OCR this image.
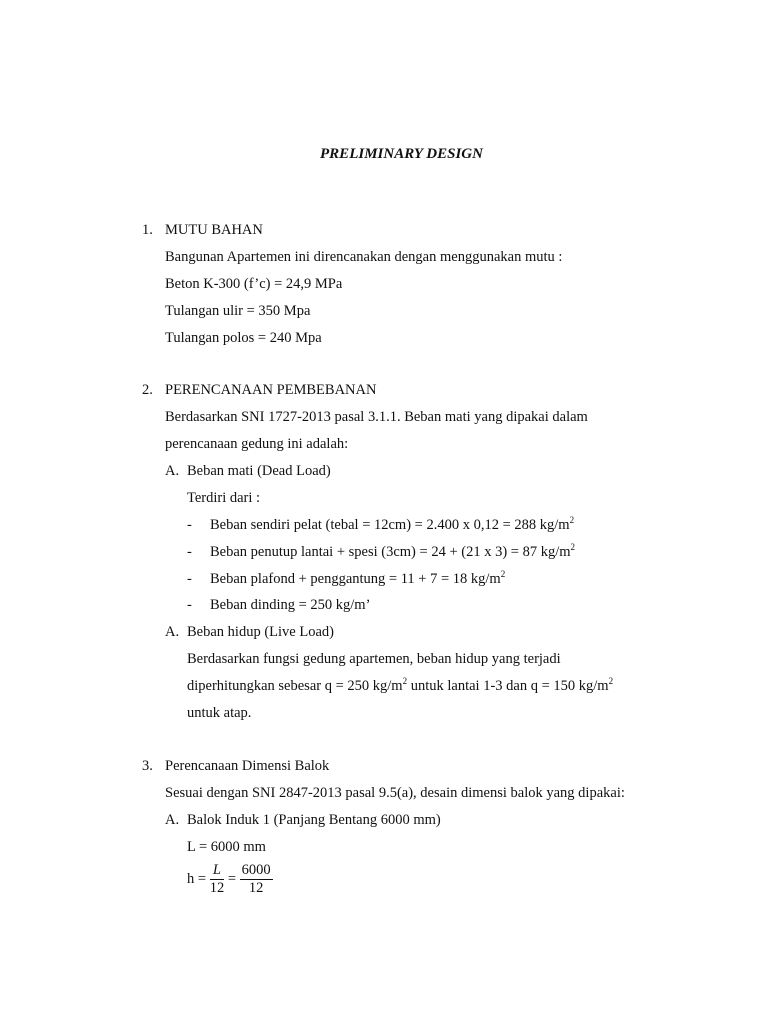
PRELIMINARY DESIGN
1. MUTU BAHAN
Bangunan Apartemen ini direncanakan dengan menggunakan mutu :
Beton K-300 (f’c) = 24,9 MPa
Tulangan ulir = 350 Mpa
Tulangan polos = 240 Mpa
2. PERENCANAAN PEMBEBANAN
Berdasarkan SNI 1727-2013 pasal 3.1.1. Beban mati yang dipakai dalam
perencanaan gedung ini adalah:
A. Beban mati (Dead Load)
Terdiri dari :
- Beban sendiri pelat (tebal = 12cm) = 2.400 x 0,12 = 288 $kg/m^2$
- Beban penutup lantai + spesi (3cm) = 24 + (21 x 3) = 87 $kg/m^2$
- Beban plafond + penggantung = 11 + 7 = 18 $kg/m^2$
- Beban dinding = 250 kg/m’
A. Beban hidup (Live Load)
Berdasarkan fungsi gedung apartemen, beban hidup yang terjadi
diperhitungkan sebesar q = 250 $kg/m^2$ untuk lantai 1-3 dan q = 150 $kg/m^2$
untuk atap.
3. Perencanaan Dimensi Balok
Sesuai dengan SNI 2847-2013 pasal 9.5(a), desain dimensi balok yang dipakai:
A. Balok Induk 1 (Panjang Bentang 6000 mm)
L = 6000 mm
$h = \frac{L}{12} = \frac{6000}{12}$
